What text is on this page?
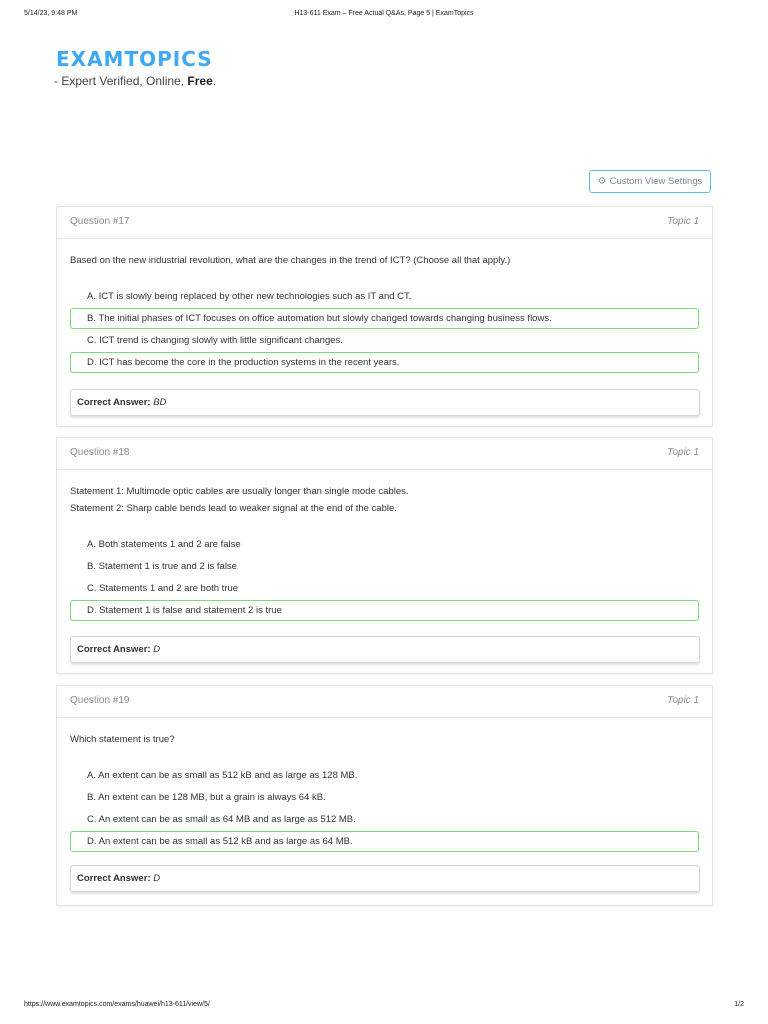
5/14/23, 9:48 PM	H13-611 Exam – Free Actual Q&As, Page 5 | ExamTopics
EXAMTOPICS
- Expert Verified, Online, Free.
⚙ Custom View Settings
Question #17	Topic 1
Based on the new industrial revolution, what are the changes in the trend of ICT? (Choose all that apply.)
A. ICT is slowly being replaced by other new technologies such as IT and CT.
B. The initial phases of ICT focuses on office automation but slowly changed towards changing business flows.
C. ICT trend is changing slowly with little significant changes.
D. ICT has become the core in the production systems in the recent years.
Correct Answer: BD
Question #18	Topic 1
Statement 1: Multimode optic cables are usually longer than single mode cables.
Statement 2: Sharp cable bends lead to weaker signal at the end of the cable.
A. Both statements 1 and 2 are false
B. Statement 1 is true and 2 is false
C. Statements 1 and 2 are both true
D. Statement 1 is false and statement 2 is true
Correct Answer: D
Question #19	Topic 1
Which statement is true?
A. An extent can be as small as 512 kB and as large as 128 MB.
B. An extent can be 128 MB, but a grain is always 64 kB.
C. An extent can be as small as 64 MB and as large as 512 MB.
D. An extent can be as small as 512 kB and as large as 64 MB.
Correct Answer: D
https://www.examtopics.com/exams/huawei/h13-611/view/5/	1/2
